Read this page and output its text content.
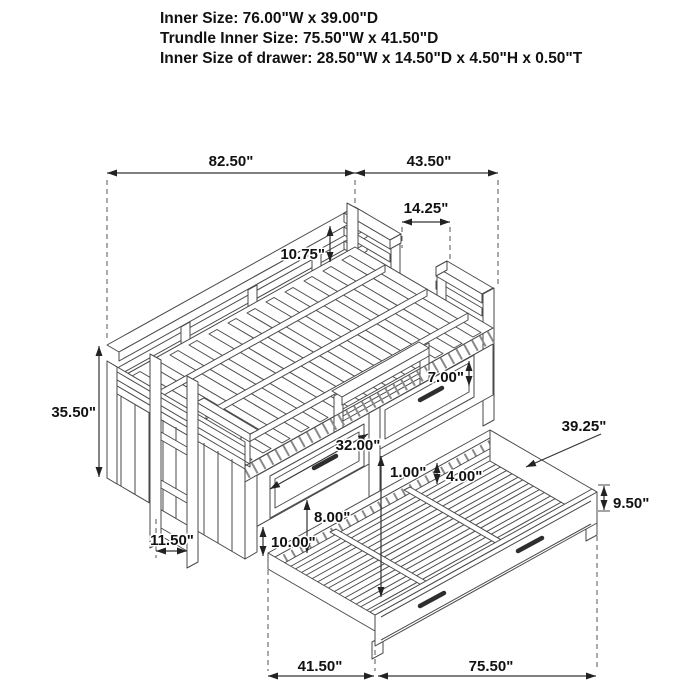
Inner Size: 76.00"W x 39.00"D
Trundle Inner Size: 75.50"W x 41.50"D
Inner Size of drawer: 28.50"W x 14.50"D x 4.50"H x 0.50"T
82.50"	43.50"
14.25"
10.75"
35.50"
7.00"
32.00"
1.00" 4.00"
39.25"
9.50"
8.00"
10.00"
11.50"
41.50"	75.50"
